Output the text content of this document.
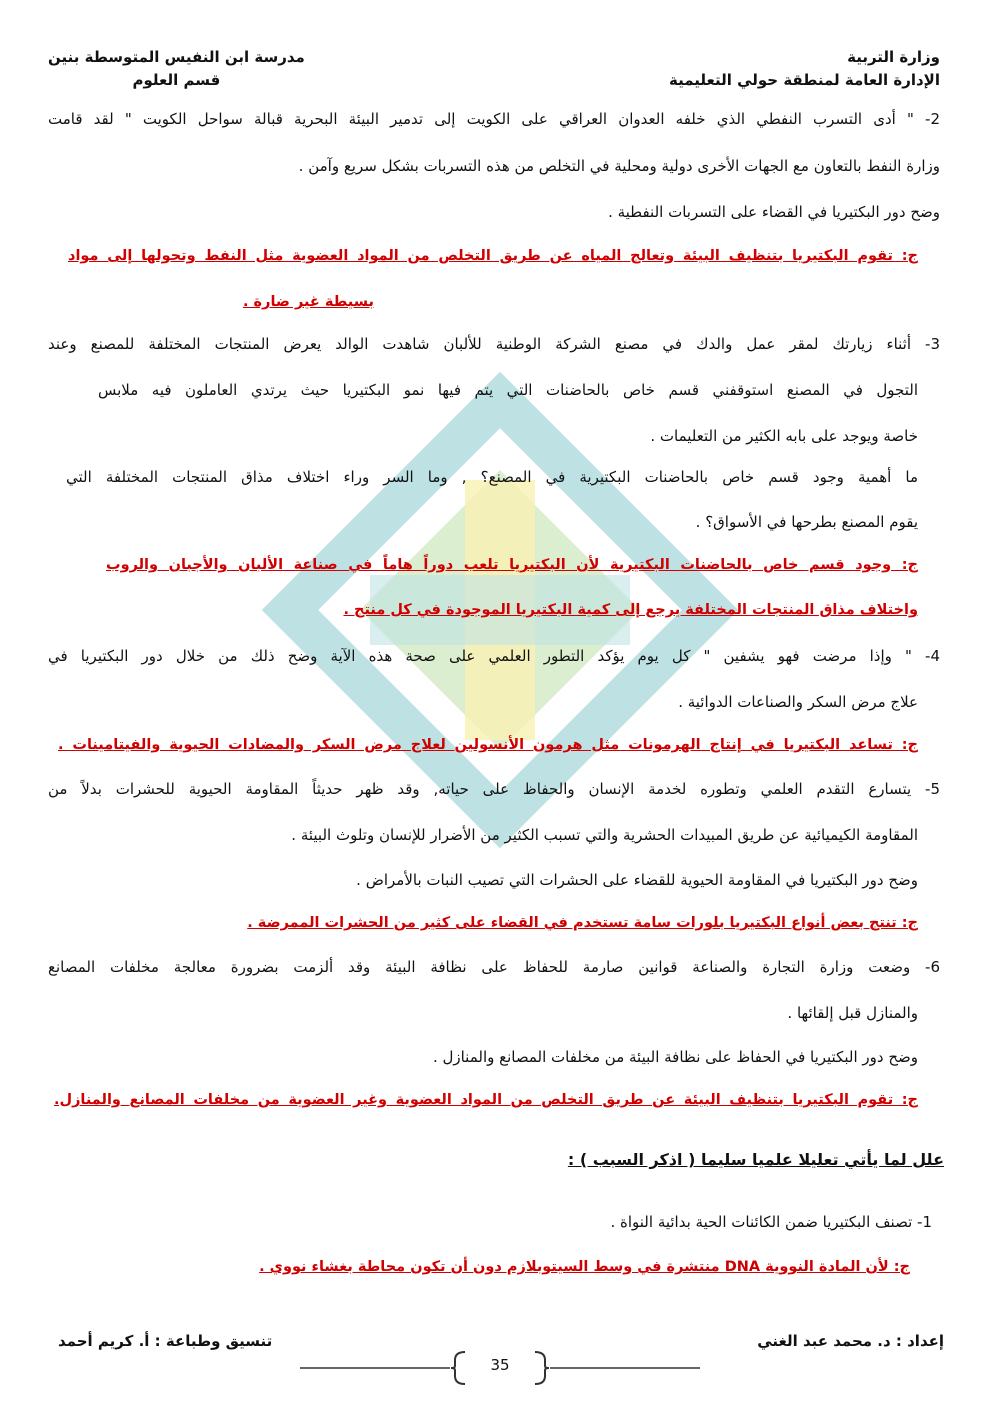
وزارة التربية
الإدارة العامة لمنطقة حولي التعليمية
مدرسة ابن النفيس المتوسطة بنين
قسم العلوم
2- " أدى التسرب النفطي الذي خلفه العدوان العراقي على الكويت إلى تدمير البيئة البحرية قبالة سواحل الكويت " لقد قامت
وزارة النفط بالتعاون مع الجهات الأخرى دولية ومحلية في التخلص من هذه التسربات بشكل سريع وآمن .
وضح دور البكتيريا في القضاء على التسربات النفطية .
ج: تقوم البكتيريا بتنظيف البيئة وتعالج المياه عن طريق التخلص من المواد العضوية مثل النفط وتحولها إلى مواد
بسيطة غير ضارة .
3- أثناء زيارتك لمقر عمل والدك في مصنع الشركة الوطنية للألبان شاهدت الوالد يعرض المنتجات المختلفة للمصنع وعند
التجول في المصنع استوقفني قسم خاص بالحاضنات التي يتم فيها نمو البكتيريا حيث يرتدي العاملون فيه ملابس
خاصة ويوجد على بابه الكثير من التعليمات .
ما أهمية وجود قسم خاص بالحاضنات البكتيرية في المصنع؟ , وما السر وراء اختلاف مذاق المنتجات المختلفة التي
يقوم المصنع بطرحها في الأسواق؟ .
ج: وجود قسم خاص بالحاضنات البكتيرية لأن البكتيريا تلعب دوراً هاماً في صناعة الألبان والأجبان والروب
واختلاف مذاق المنتجات المختلفة يرجع إلى كمية البكتيريا الموجودة في كل منتج .
4- " وإذا مرضت فهو يشفين " كل يوم يؤكد التطور العلمي على صحة هذه الآية وضح ذلك من خلال دور البكتيريا في
علاج مرض السكر والصناعات الدوائية .
ج: تساعد البكتيريا في إنتاج الهرمونات مثل هرمون الأنسولين لعلاج مرض السكر والمضادات الحيوية والفيتامينات .
5- يتسارع التقدم العلمي وتطوره لخدمة الإنسان والحفاظ على حياته, وقد ظهر حديثاً المقاومة الحيوية للحشرات بدلاً من
المقاومة الكيميائية عن طريق المبيدات الحشرية والتي تسبب الكثير من الأضرار للإنسان وتلوث البيئة .
وضح دور البكتيريا في المقاومة الحيوية للقضاء على الحشرات التي تصيب النبات بالأمراض .
ج: تنتج بعض أنواع البكتيريا بلورات سامة تستخدم في القضاء على كثير من الحشرات الممرضة .
6- وضعت وزارة التجارة والصناعة قوانين صارمة للحفاظ على نظافة البيئة وقد ألزمت بضرورة معالجة مخلفات المصانع
والمنازل قبل إلقائها .
وضح دور البكتيريا في الحفاظ على نظافة البيئة من مخلفات المصانع والمنازل .
ج: تقوم البكتيريا بتنظيف البيئة عن طريق التخلص من المواد العضوية وغير العضوية من مخلفات المصانع والمنازل.
علل لما يأتي تعليلا علميا سليما ( اذكر السبب ) :
1- تصنف البكتيريا ضمن الكائنات الحية بدائية النواة .
ج: لأن المادة النووية DNA منتشرة في وسط السيتوبلازم دون أن تكون محاطة بغشاء نووي .
إعداد : د. محمد عبد الغني
تنسيق وطباعة : أ. كريم أحمد
35
